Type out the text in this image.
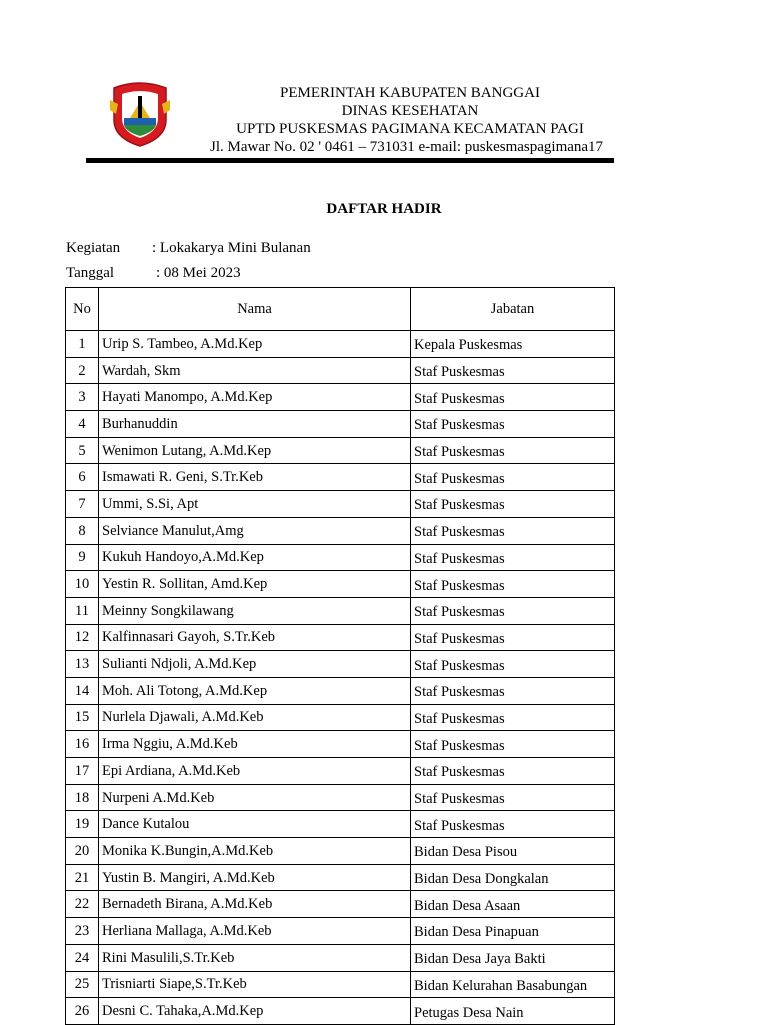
PEMERINTAH KABUPATEN BANGGAI
DINAS KESEHATAN
UPTD PUSKESMAS PAGIMANA KECAMATAN PAGI
Jl. Mawar No. 02 ' 0461 – 731031 e-mail: puskesmaspagimana17
DAFTAR HADIR
Kegiatan : Lokakarya Mini Bulanan
Tanggal	: 08 Mei 2023
No	Nama	Jabatan
1	Urip S. Tambeo, A.Md.Kep	Kepala Puskesmas
2	Wardah, Skm	Staf Puskesmas
3	Hayati Manompo, A.Md.Kep	Staf Puskesmas
4	Burhanuddin	Staf Puskesmas
5	Wenimon Lutang, A.Md.Kep	Staf Puskesmas
6	Ismawati R. Geni, S.Tr.Keb	Staf Puskesmas
7	Ummi, S.Si, Apt	Staf Puskesmas
8	Selviance Manulut,Amg	Staf Puskesmas
9	Kukuh Handoyo,A.Md.Kep	Staf Puskesmas
10	Yestin R. Sollitan, Amd.Kep	Staf Puskesmas
11	Meinny Songkilawang	Staf Puskesmas
12	Kalfinnasari Gayoh, S.Tr.Keb	Staf Puskesmas
13	Sulianti Ndjoli, A.Md.Kep	Staf Puskesmas
14	Moh. Ali Totong, A.Md.Kep	Staf Puskesmas
15	Nurlela Djawali, A.Md.Keb	Staf Puskesmas
16	Irma Nggiu, A.Md.Keb	Staf Puskesmas
17	Epi Ardiana, A.Md.Keb	Staf Puskesmas
18	Nurpeni A.Md.Keb	Staf Puskesmas
19	Dance Kutalou	Staf Puskesmas
20	Monika K.Bungin,A.Md.Keb	Bidan Desa Pisou
21	Yustin B. Mangiri, A.Md.Keb	Bidan Desa Dongkalan
22	Bernadeth Birana, A.Md.Keb	Bidan Desa Asaan
23	Herliana Mallaga, A.Md.Keb	Bidan Desa Pinapuan
24	Rini Masulili,S.Tr.Keb	Bidan Desa Jaya Bakti
25	Trisniarti Siape,S.Tr.Keb	Bidan Kelurahan Basabungan
26	Desni C. Tahaka,A.Md.Kep	Petugas Desa Nain
